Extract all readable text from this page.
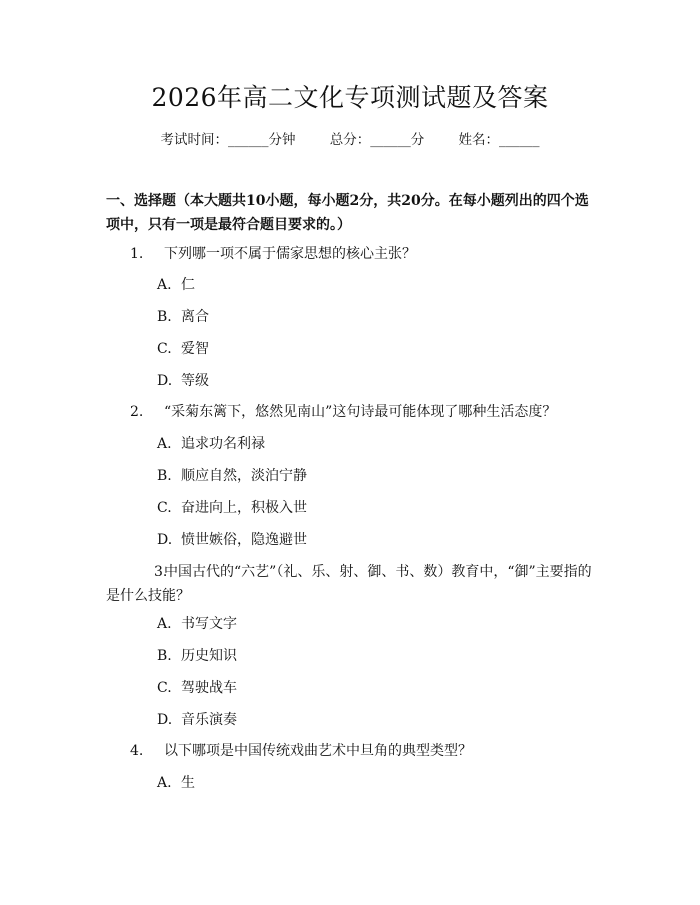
2026年高二文化专项测试题及答案
考试时间：______分钟	总分：______分	姓名：______
一、选择题（本大题共10小题，每小题2分，共20分。在每小题列出的四个选项中，只有一项是最符合题目要求的。）
1. 下列哪一项不属于儒家思想的核心主张？
A. 仁
B. 离合
C. 爱智
D. 等级
2. “采菊东篱下，悠然见南山”这句诗最可能体现了哪种生活态度？
A. 追求功名利禄
B. 顺应自然，淡泊宁静
C. 奋进向上，积极入世
D. 愤世嫉俗，隐逸避世
3.中国古代的“六艺”（礼、乐、射、御、书、数）教育中，“御”主要指的是什么技能？
A. 书写文字
B. 历史知识
C. 驾驶战车
D. 音乐演奏
4. 以下哪项是中国传统戏曲艺术中旦角的典型类型？
A. 生
